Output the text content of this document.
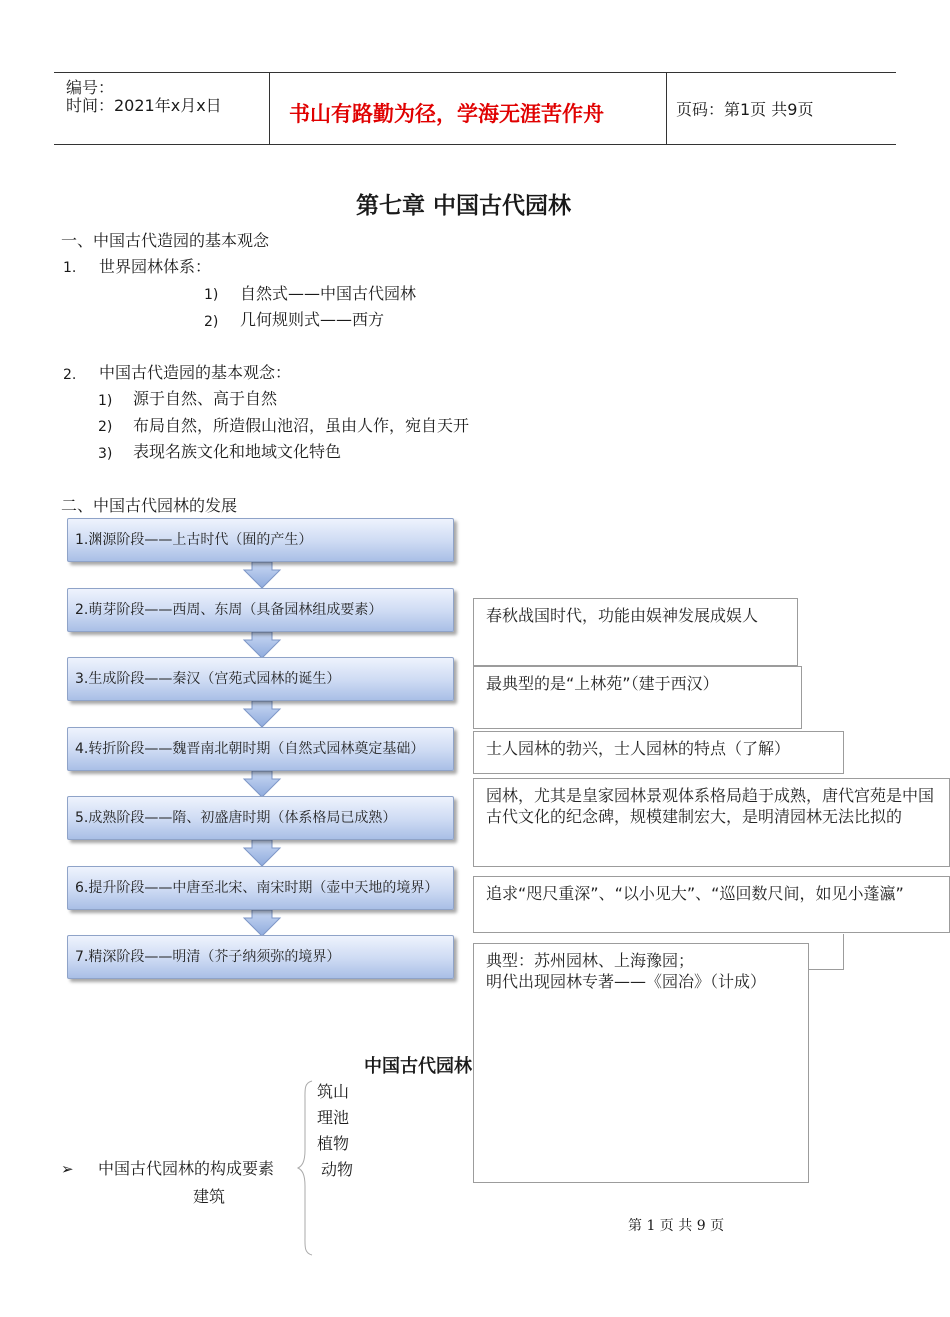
编号：
时间：2021年x月x日	书山有路勤为径，学海无涯苦作舟	页码：第1页 共9页
第七章 中国古代园林
一、中国古代造园的基本观念
1. 世界园林体系：
1) 自然式——中国古代园林
2) 几何规则式——西方
2. 中国古代造园的基本观念：
1) 源于自然、高于自然
2) 布局自然，所造假山池沼，虽由人作，宛自天开
3) 表现名族文化和地域文化特色
二、中国古代园林的发展
1.渊源阶段——上古时代（囿的产生）
2.萌芽阶段——西周、东周（具备园林组成要素）
3.生成阶段——秦汉（宫苑式园林的诞生）
4.转折阶段——魏晋南北朝时期（自然式园林奠定基础）
5.成熟阶段——隋、初盛唐时期（体系格局已成熟）
6.提升阶段——中唐至北宋、南宋时期（壶中天地的境界）
7.精深阶段——明清（芥子纳须弥的境界）
中国古代园林
春秋战国时代，功能由娱神发展成娱人
最典型的是“上林苑”（建于西汉）
士人园林的勃兴，士人园林的特点（了解）
园林，尤其是皇家园林景观体系格局趋于成熟，唐代宫苑是中国古代文化的纪念碑，规模建制宏大，是明清园林无法比拟的
追求“咫尺重深”、“以小见大”、“巡回数尺间，如见小蓬瀛”
典型：苏州园林、上海豫园；
明代出现园林专著——《园冶》（计成）
➢ 中国古代园林的构成要素
筑山
理池
植物
动物
建筑
第 1 页 共 9 页
